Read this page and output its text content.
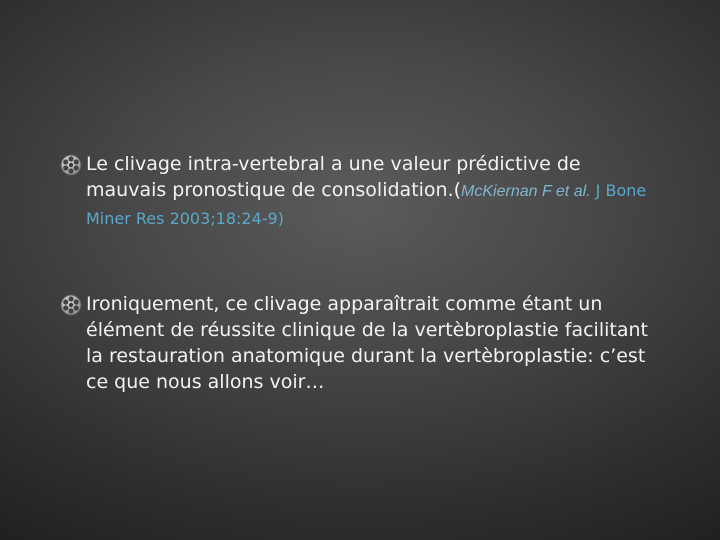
Le clivage intra-vertebral a une valeur prédictive de mauvais pronostique de consolidation.(McKiernan F et al. J Bone Miner Res 2003;18:24-9)
Ironiquement, ce clivage apparaîtrait comme étant un élément de réussite clinique de la vertèbroplastie facilitant la restauration anatomique durant la vertèbroplastie: c’est ce que nous allons voir…
